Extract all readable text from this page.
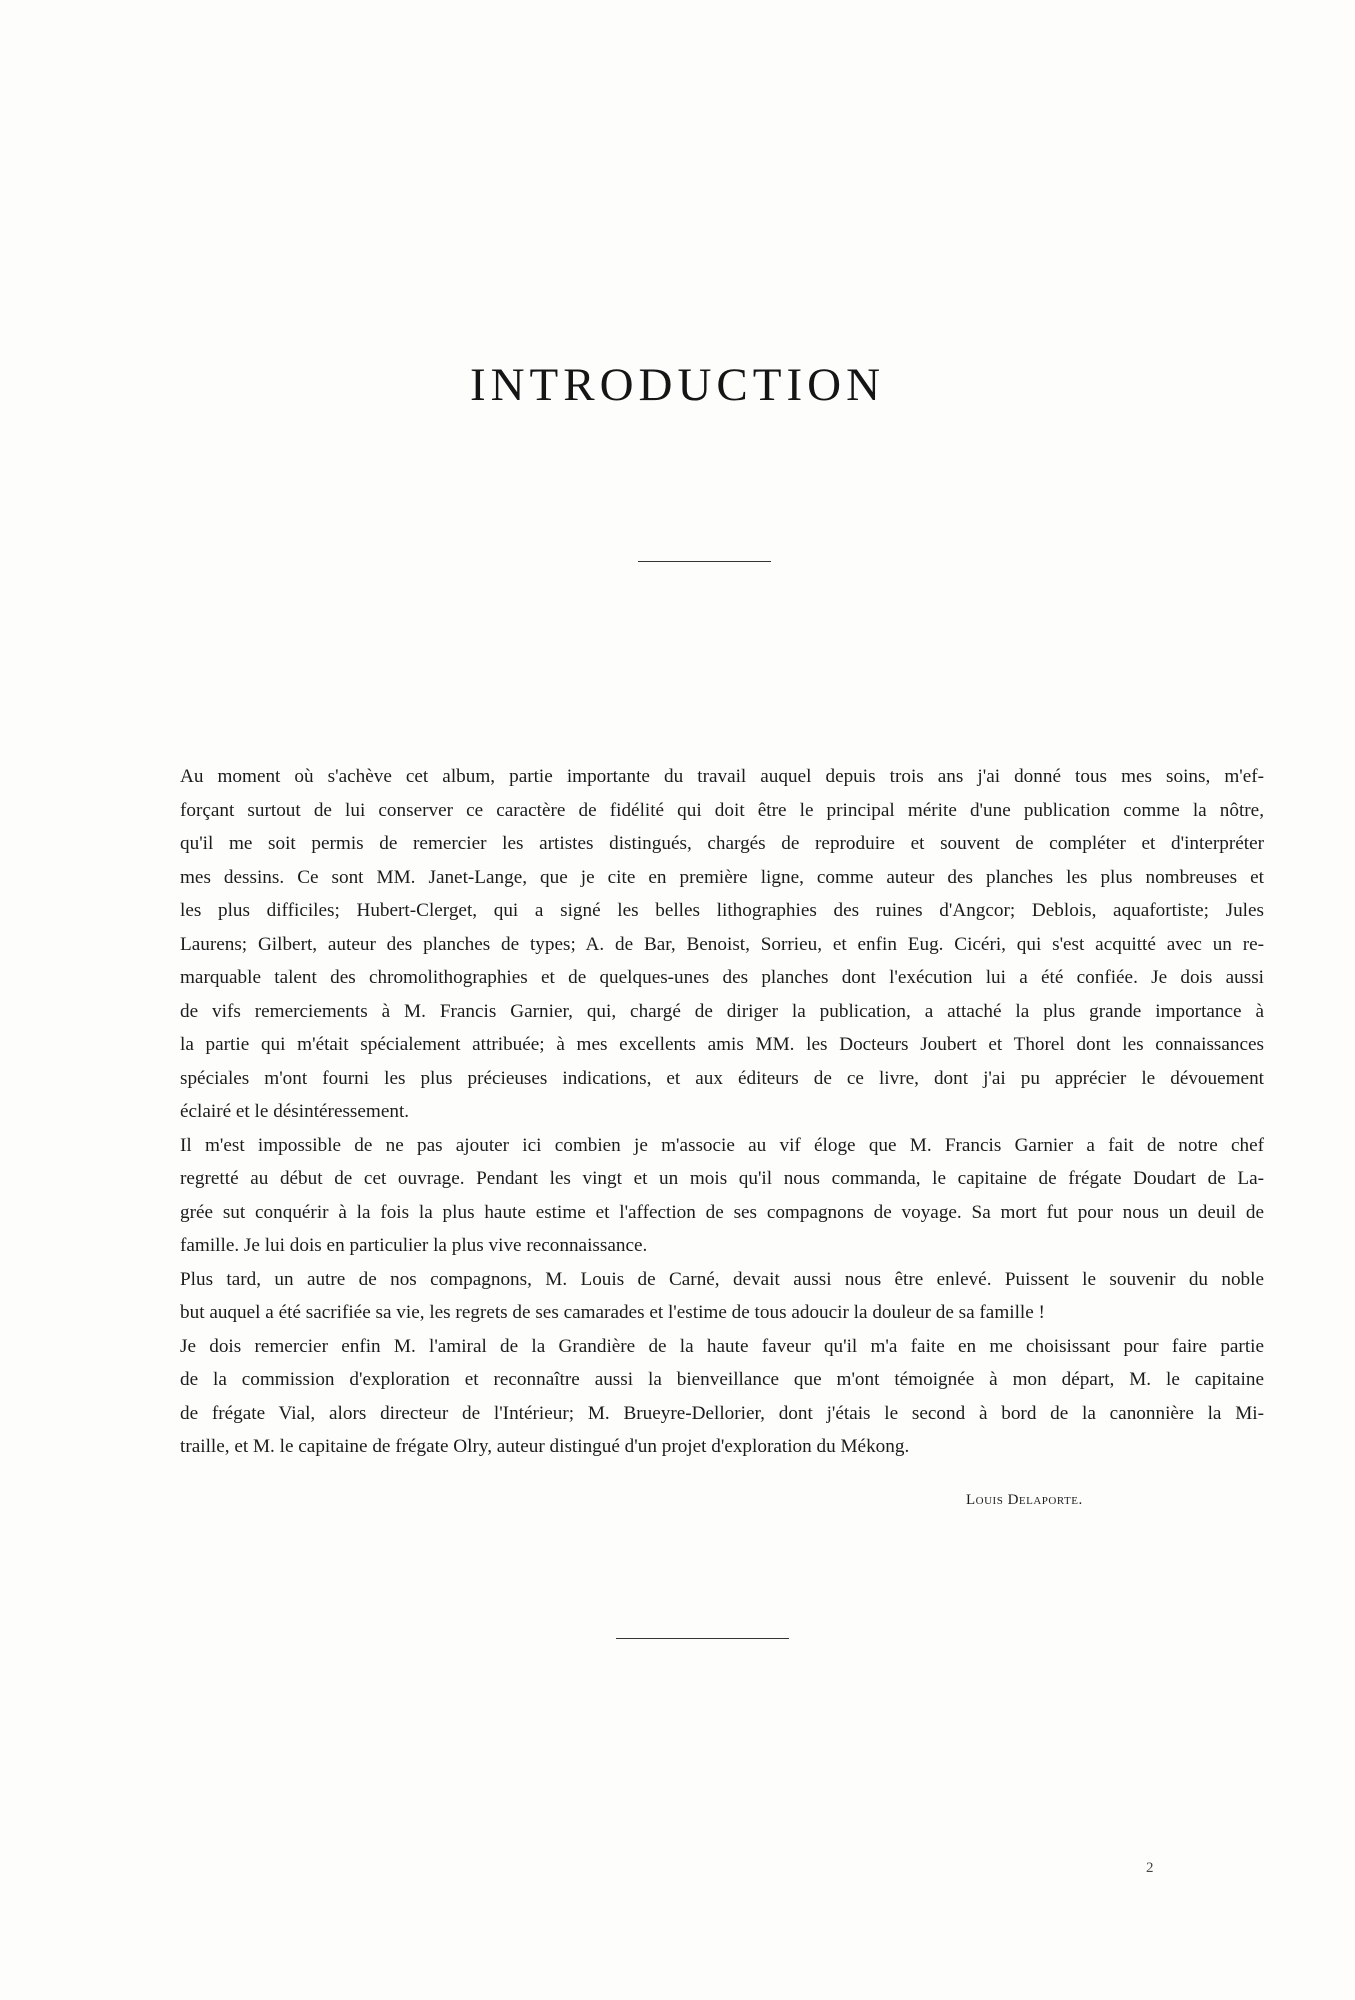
INTRODUCTION

Au moment où s'achève cet album, partie importante du travail auquel depuis trois ans j'ai donné tous mes soins, m'ef-
forçant surtout de lui conserver ce caractère de fidélité qui doit être le principal mérite d'une publication comme la nôtre,
qu'il me soit permis de remercier les artistes distingués, chargés de reproduire et souvent de compléter et d'interpréter
mes dessins. Ce sont MM. Janet-Lange, que je cite en première ligne, comme auteur des planches les plus nombreuses et
les plus difficiles; Hubert-Clerget, qui a signé les belles lithographies des ruines d'Angcor; Deblois, aquafortiste; Jules
Laurens; Gilbert, auteur des planches de types; A. de Bar, Benoist, Sorrieu, et enfin Eug. Cicéri, qui s'est acquitté avec un re-
marquable talent des chromolithographies et de quelques-unes des planches dont l'exécution lui a été confiée. Je dois aussi
de vifs remerciements à M. Francis Garnier, qui, chargé de diriger la publication, a attaché la plus grande importance à
la partie qui m'était spécialement attribuée; à mes excellents amis MM. les Docteurs Joubert et Thorel dont les connaissances
spéciales m'ont fourni les plus précieuses indications, et aux éditeurs de ce livre, dont j'ai pu apprécier le dévouement
éclairé et le désintéressement.

Il m'est impossible de ne pas ajouter ici combien je m'associe au vif éloge que M. Francis Garnier a fait de notre chef
regretté au début de cet ouvrage. Pendant les vingt et un mois qu'il nous commanda, le capitaine de frégate Doudart de La-
grée sut conquérir à la fois la plus haute estime et l'affection de ses compagnons de voyage. Sa mort fut pour nous un deuil de
famille. Je lui dois en particulier la plus vive reconnaissance.

Plus tard, un autre de nos compagnons, M. Louis de Carné, devait aussi nous être enlevé. Puissent le souvenir du noble
but auquel a été sacrifiée sa vie, les regrets de ses camarades et l'estime de tous adoucir la douleur de sa famille !

Je dois remercier enfin M. l'amiral de la Grandière de la haute faveur qu'il m'a faite en me choisissant pour faire partie
de la commission d'exploration et reconnaître aussi la bienveillance que m'ont témoignée à mon départ, M. le capitaine
de frégate Vial, alors directeur de l'Intérieur; M. Brueyre-Dellorier, dont j'étais le second à bord de la canonnière la Mi-
traille, et M. le capitaine de frégate Olry, auteur distingué d'un projet d'exploration du Mékong.

Louis Delaporte.
2
